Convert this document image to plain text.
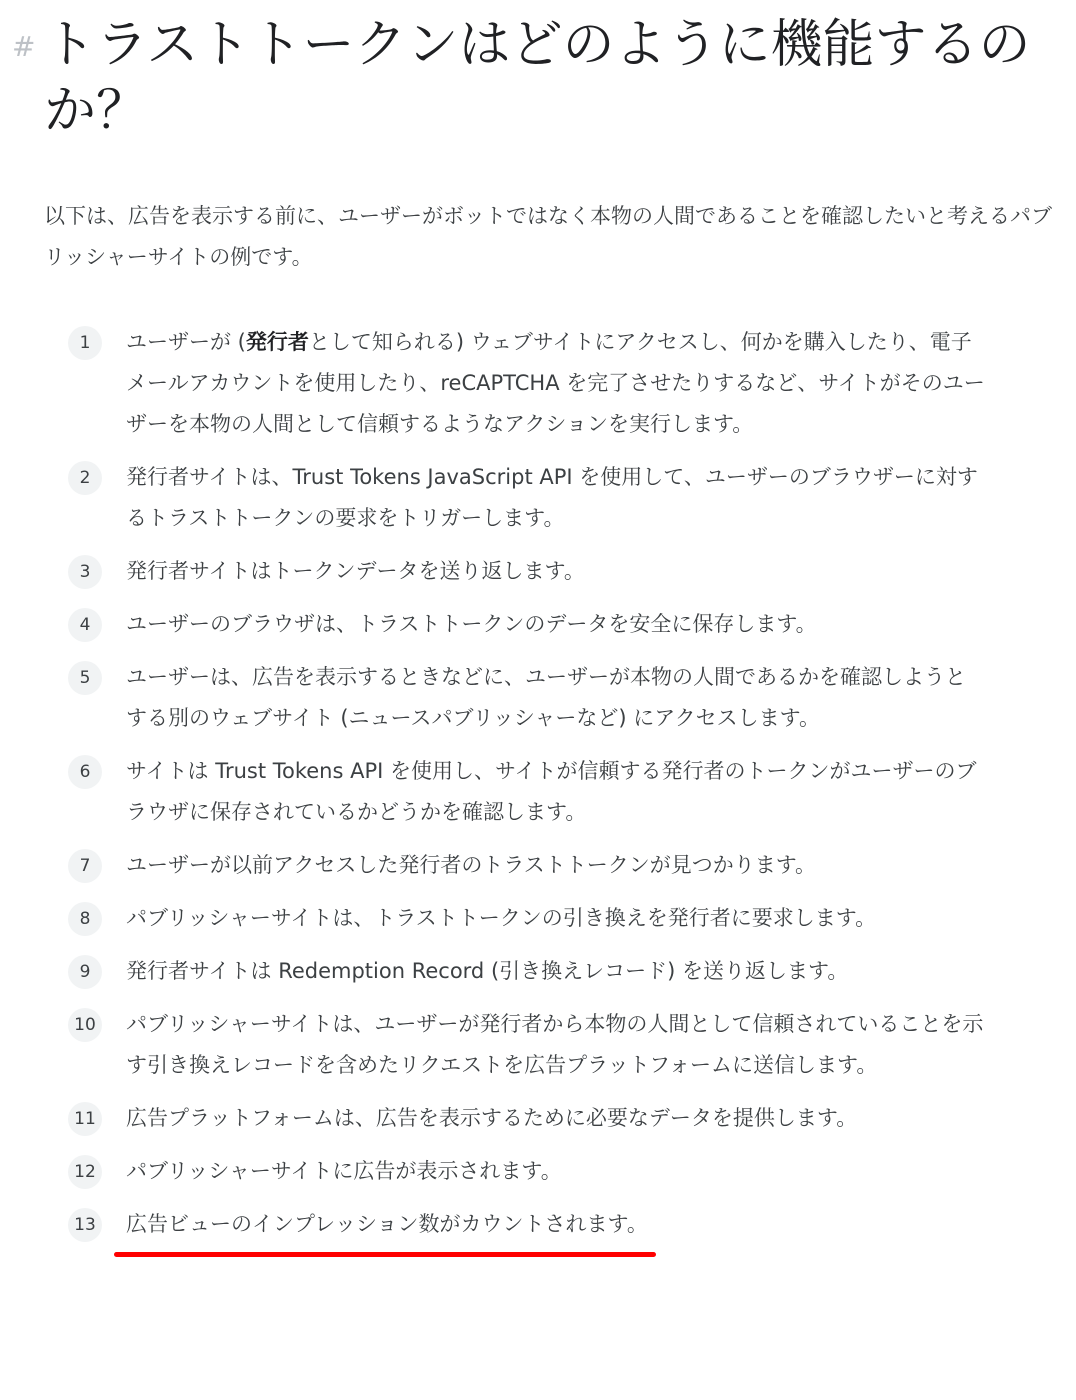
# トラストトークンはどのように機能するのか？

以下は、広告を表示する前に、ユーザーがボットではなく本物の人間であることを確認したいと考えるパブリッシャーサイトの例です。

1	ユーザーが (発行者として知られる) ウェブサイトにアクセスし、何かを購入したり、電子メールアカウントを使用したり、reCAPTCHA を完了させたりするなど、サイトがそのユーザーを本物の人間として信頼するようなアクションを実行します。
2	発行者サイトは、Trust Tokens JavaScript API を使用して、ユーザーのブラウザーに対するトラストトークンの要求をトリガーします。
3	発行者サイトはトークンデータを送り返します。
4	ユーザーのブラウザは、トラストトークンのデータを安全に保存します。
5	ユーザーは、広告を表示するときなどに、ユーザーが本物の人間であるかを確認しようとする別のウェブサイト (ニュースパブリッシャーなど) にアクセスします。
6	サイトは Trust Tokens API を使用し、サイトが信頼する発行者のトークンがユーザーのブラウザに保存されているかどうかを確認します。
7	ユーザーが以前アクセスした発行者のトラストトークンが見つかります。
8	パブリッシャーサイトは、トラストトークンの引き換えを発行者に要求します。
9	発行者サイトは Redemption Record (引き換えレコード) を送り返します。
10 パブリッシャーサイトは、ユーザーが発行者から本物の人間として信頼されていることを示す引き換えレコードを含めたリクエストを広告プラットフォームに送信します。
11 広告プラットフォームは、広告を表示するために必要なデータを提供します。
12 パブリッシャーサイトに広告が表示されます。
13 広告ビューのインプレッション数がカウントされます。
